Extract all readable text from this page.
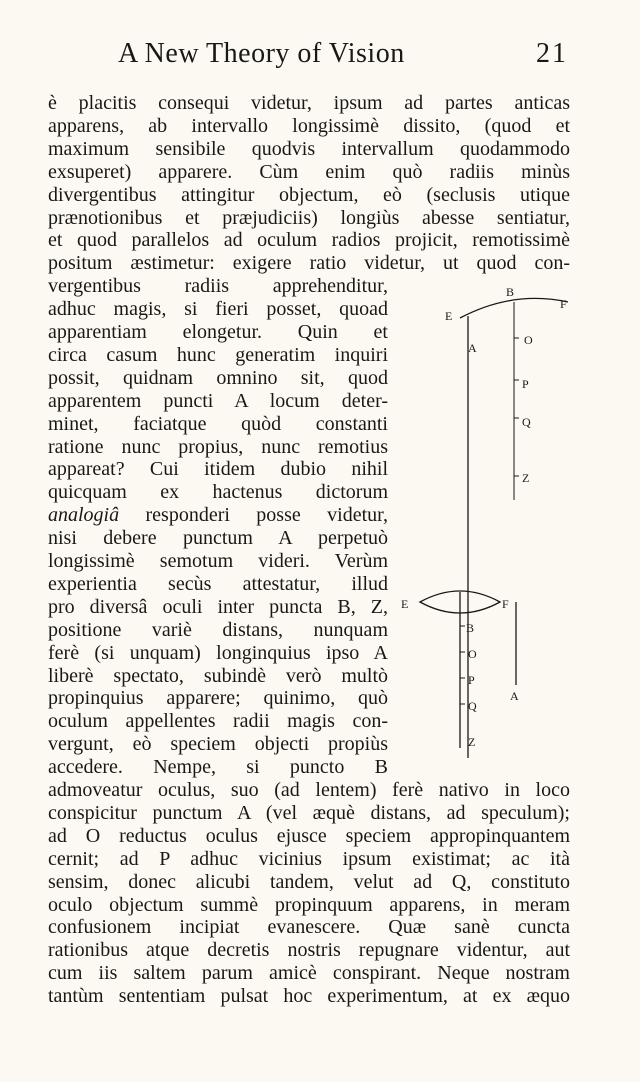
A New Theory of Vision	21
è placitis consequi videtur, ipsum ad partes anticas
apparens, ab intervallo longissimè dissito, (quod et
maximum sensibile quodvis intervallum quodammodo
exsuperet) apparere. Cùm enim quò radiis minùs
divergentibus attingitur objectum, eò (seclusis utique
prænotionibus et præjudiciis) longiùs abesse sentiatur,
et quod parallelos ad oculum radios projicit, remotissimè
positum æstimetur: exigere ratio videtur, ut quod con-
vergentibus radiis apprehenditur,
adhuc magis, si fieri posset, quoad
apparentiam elongetur. Quin et
circa casum hunc generatim inquiri
possit, quidnam omnino sit, quod
apparentem puncti A locum deter-
minet, faciatque quòd constanti
ratione nunc propius, nunc remotius
appareat? Cui itidem dubio nihil
quicquam ex hactenus dictorum
analogiâ responderi posse videtur,
nisi debere punctum A perpetuò
longissimè semotum videri. Verùm
experientia secùs attestatur, illud
pro diversâ oculi inter puncta B, Z,
positione variè distans, nunquam
ferè (si unquam) longinquius ipso A
liberè spectato, subindè verò multò
propinquius apparere; quinimo, quò
oculum appellentes radii magis con-
vergunt, eò speciem objecti propiùs
accedere. Nempe, si puncto B
admoveatur oculus, suo (ad lentem) ferè nativo in loco
conspicitur punctum A (vel æquè distans, ad speculum);
ad O reductus oculus ejusce speciem appropinquantem
cernit; ad P adhuc vicinius ipsum existimat; ac ità
sensim, donec alicubi tandem, velut ad Q, constituto
oculo objectum summè propinquum apparens, in meram
confusionem incipiat evanescere. Quæ sanè cuncta
rationibus atque decretis nostris repugnare videntur, aut
cum iis saltem parum amicè conspirant. Neque nostram
tantùm sententiam pulsat hoc experimentum, at ex æquo
B
E
F
A
O
P
Q
Z
E	F
B
O
P
Q
A
Z
